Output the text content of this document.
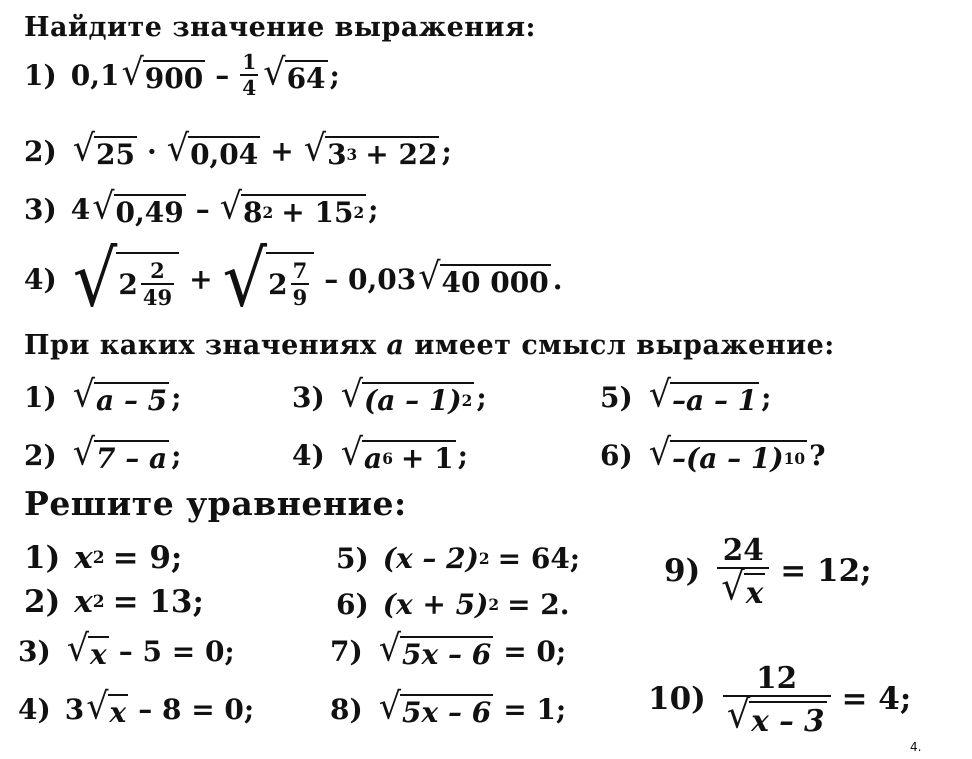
Найдите значение выражения:
1) 0,1 √ $900 - \frac{1}{4}$ √ 64 ;
2) √ 25 · √ 0,04 + √ 3 3 + 22 ;
3) 4 √ 0,49 – √ 8 2 + 15 2 ;
4) √ $2 \frac{2}{49}$ + √ $2 \frac{7}{9} - 0,03$ √ 40 000 .
При каких значениях a имеет смысл выражение:
1) √ a – 5 ;	3) √ (a – 1) 2 ;	5) √ –a – 1 ;
2) √ 7 – a ;	4) √ a 6 + 1 ;	6) √ –(a – 1) 10 ?
Решите уравнение:
1) x 2 = 9;
2) x 2 = 13;
3) √ x – 5 = 0;
4) 3 √ x – 8 = 0;
5) (x – 2) 2 = 64;
6) (x + 5) 2 = 2.
7) √ 5x – 6 = 0;
8) √ 5x – 6 = 1;
$9) \frac{24}{√ x} = 12$;
$10) \frac{12}{√ x - 3} = 4$;
4.
